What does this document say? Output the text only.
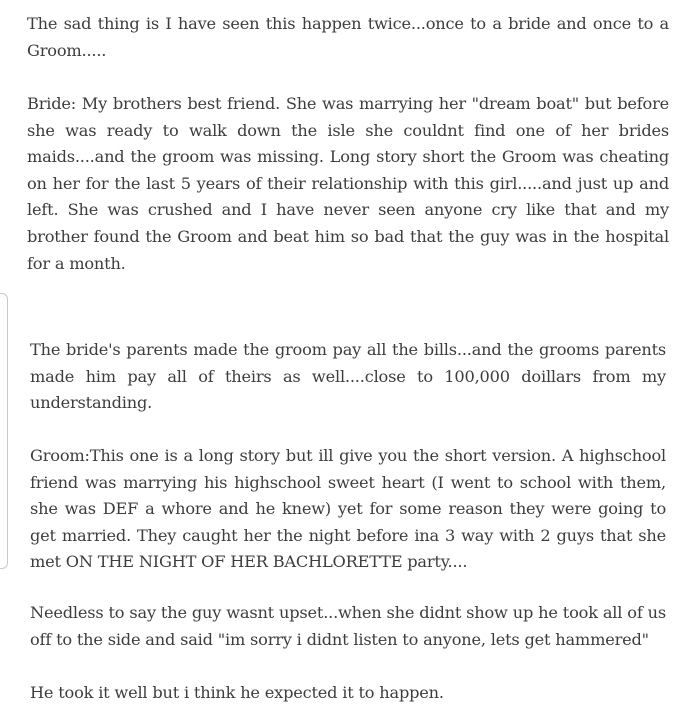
The sad thing is I have seen this happen twice...once to a bride and once to a Groom.....

Bride: My brothers best friend. She was marrying her "dream boat" but before she was ready to walk down the isle she couldnt find one of her brides maids....and the groom was missing. Long story short the Groom was cheating on her for the last 5 years of their relationship with this girl.....and just up and left. She was crushed and I have never seen anyone cry like that and my brother found the Groom and beat him so bad that the guy was in the hospital for a month.

The bride's parents made the groom pay all the bills...and the grooms parents made him pay all of theirs as well....close to 100,000 doillars from my understanding.

Groom:This one is a long story but ill give you the short version. A highschool friend was marrying his highschool sweet heart (I went to school with them, she was DEF a whore and he knew) yet for some reason they were going to get married. They caught her the night before ina 3 way with 2 guys that she met ON THE NIGHT OF HER BACHLORETTE party....

Needless to say the guy wasnt upset...when she didnt show up he took all of us off to the side and said "im sorry i didnt listen to anyone, lets get hammered"

He took it well but i think he expected it to happen.
